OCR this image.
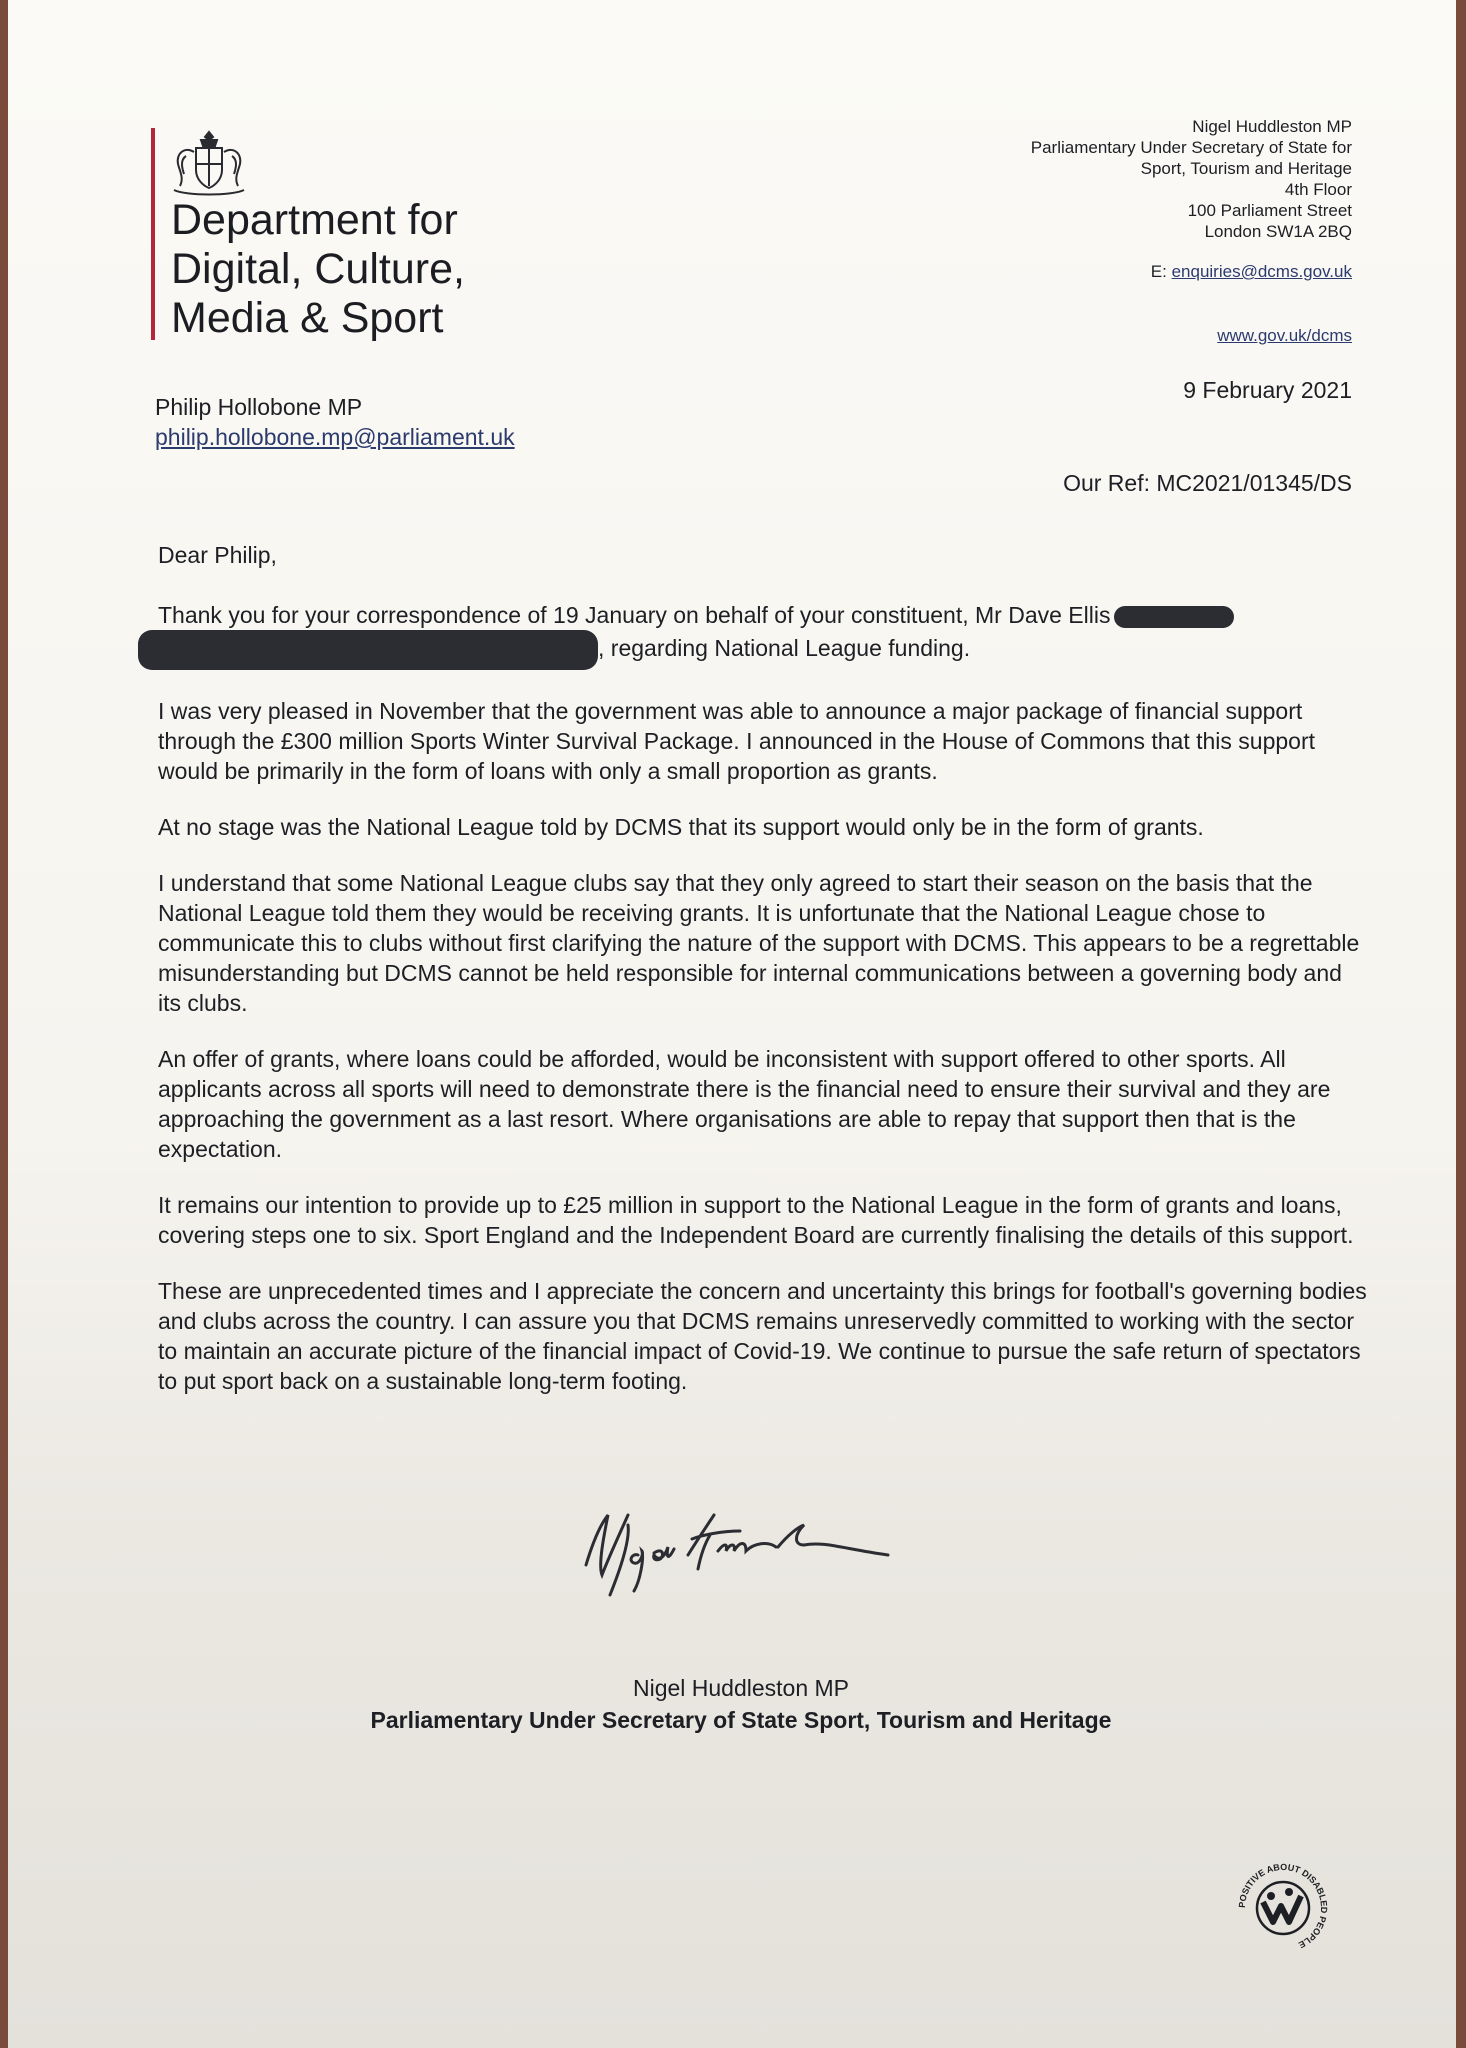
Department for
Digital, Culture,
Media & Sport
Nigel Huddleston MP
Parliamentary Under Secretary of State for
Sport, Tourism and Heritage
4th Floor
100 Parliament Street
London SW1A 2BQ
E: enquiries@dcms.gov.uk
www.gov.uk/dcms
9 February 2021
Philip Hollobone MP
philip.hollobone.mp@parliament.uk
Our Ref: MC2021/01345/DS

Dear Philip,

Thank you for your correspondence of 19 January on behalf of your constituent, Mr Dave Ellis
, regarding National League funding.

I was very pleased in November that the government was able to announce a major package of financial support through the £300 million Sports Winter Survival Package. I announced in the House of Commons that this support would be primarily in the form of loans with only a small proportion as grants.

At no stage was the National League told by DCMS that its support would only be in the form of grants.

I understand that some National League clubs say that they only agreed to start their season on the basis that the National League told them they would be receiving grants. It is unfortunate that the National League chose to communicate this to clubs without first clarifying the nature of the support with DCMS. This appears to be a regrettable misunderstanding but DCMS cannot be held responsible for internal communications between a governing body and its clubs.

An offer of grants, where loans could be afforded, would be inconsistent with support offered to other sports. All applicants across all sports will need to demonstrate there is the financial need to ensure their survival and they are approaching the government as a last resort. Where organisations are able to repay that support then that is the expectation.

It remains our intention to provide up to £25 million in support to the National League in the form of grants and loans, covering steps one to six. Sport England and the Independent Board are currently finalising the details of this support.

These are unprecedented times and I appreciate the concern and uncertainty this brings for football's governing bodies and clubs across the country. I can assure you that DCMS remains unreservedly committed to working with the sector to maintain an accurate picture of the financial impact of Covid-19. We continue to pursue the safe return of spectators to put sport back on a sustainable long-term footing.

Nigel Huddleston MP
Parliamentary Under Secretary of State Sport, Tourism and Heritage
POSITIVE ABOUT DISABLED PEOPLE
